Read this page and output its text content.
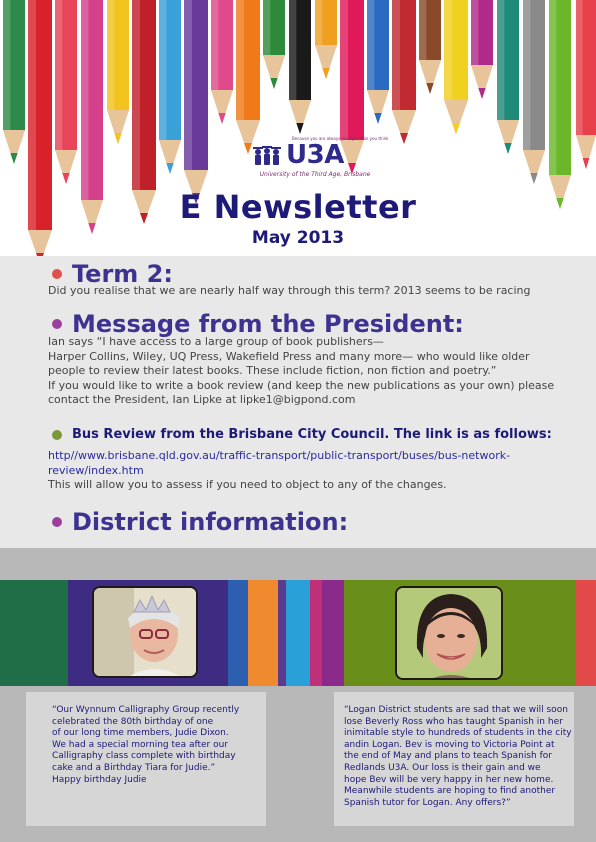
Because you are always younger than you think
U3A
University of the Third Age, Brisbane
E Newsletter
May 2013
Term 2:
Did you realise that we are nearly half way through this term? 2013 seems to be racing
Message from the President:
Ian says “I have access to a large group of book publishers—
Harper Collins, Wiley, UQ Press, Wakefield Press and many more— who would like older
people to review their latest books. These include fiction, non fiction and poetry.”
If you would like to write a book review (and keep the new publications as your own) please
contact the President, Ian Lipke at lipke1@bigpond.com
Bus Review from the Brisbane City Council. The link is as follows:
http//www.brisbane.qld.gov.au/traffic-transport/public-transport/buses/bus-network-
review/index.htm
This will allow you to assess if you need to object to any of the changes.
District information:
“Our Wynnum Calligraphy Group recently
celebrated the 80th birthday of one
of our long time members, Judie Dixon.
We had a special morning tea after our
Calligraphy class complete with birthday
cake and a Birthday Tiara for Judie.”
Happy birthday Judie
“Logan District students are sad that we will soon
lose Beverly Ross who has taught Spanish in her
inimitable style to hundreds of students in the city
andin Logan. Bev is moving to Victoria Point at
the end of May and plans to teach Spanish for
Redlands U3A. Our loss is their gain and we
hope Bev will be very happy in her new home.
Meanwhile students are hoping to find another
Spanish tutor for Logan. Any offers?”
